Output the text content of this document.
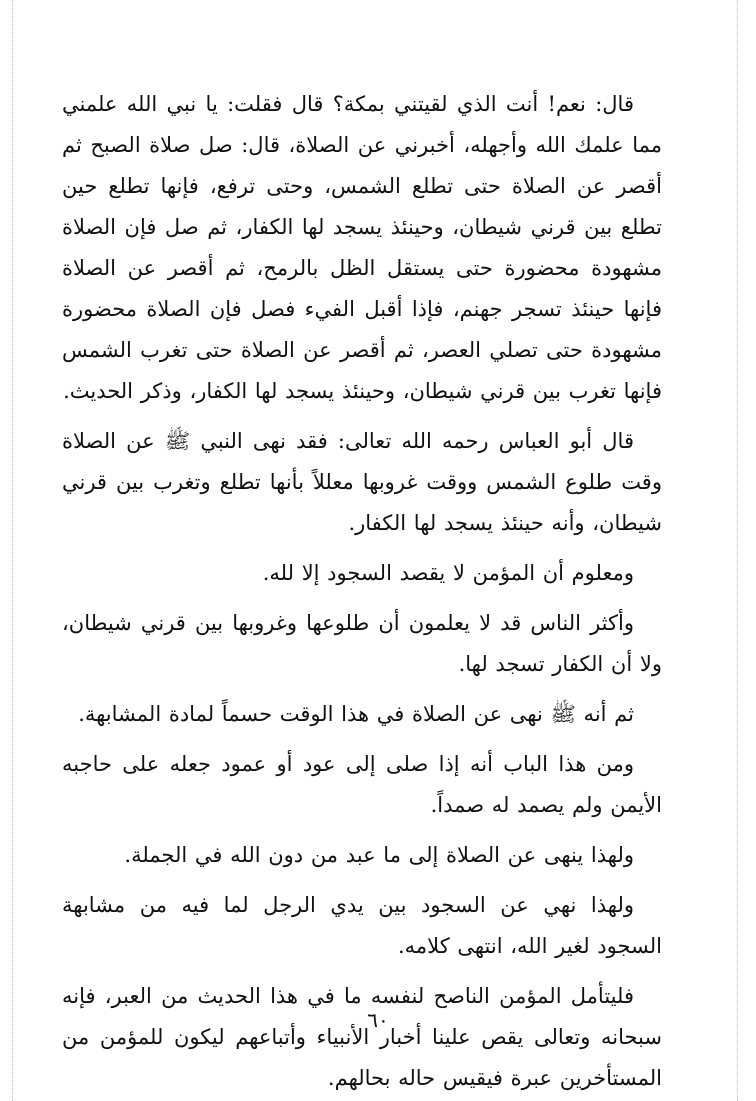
قال: نعم! أنت الذي لقيتني بمكة؟ قال فقلت: يا نبي الله علمني مما علمك الله وأجهله، أخبرني عن الصلاة، قال: صل صلاة الصبح ثم أقصر عن الصلاة حتى تطلع الشمس، وحتى ترفع، فإنها تطلع حين تطلع بين قرني شيطان، وحينئذ يسجد لها الكفار، ثم صل فإن الصلاة مشهودة محضورة حتى يستقل الظل بالرمح، ثم أقصر عن الصلاة فإنها حينئذ تسجر جهنم، فإذا أقبل الفيء فصل فإن الصلاة محضورة مشهودة حتى تصلي العصر، ثم أقصر عن الصلاة حتى تغرب الشمس فإنها تغرب بين قرني شيطان، وحينئذ يسجد لها الكفار، وذكر الحديث.

قال أبو العباس رحمه الله تعالى: فقد نهى النبي ﷺ عن الصلاة وقت طلوع الشمس ووقت غروبها معللاً بأنها تطلع وتغرب بين قرني شيطان، وأنه حينئذ يسجد لها الكفار.

ومعلوم أن المؤمن لا يقصد السجود إلا لله.

وأكثر الناس قد لا يعلمون أن طلوعها وغروبها بين قرني شيطان، ولا أن الكفار تسجد لها.

ثم أنه ﷺ نهى عن الصلاة في هذا الوقت حسماً لمادة المشابهة.

ومن هذا الباب أنه إذا صلى إلى عود أو عمود جعله على حاجبه الأيمن ولم يصمد له صمداً.

ولهذا ينهى عن الصلاة إلى ما عبد من دون الله في الجملة.

ولهذا نهي عن السجود بين يدي الرجل لما فيه من مشابهة السجود لغير الله، انتهى كلامه.

فليتأمل المؤمن الناصح لنفسه ما في هذا الحديث من العبر، فإنه سبحانه وتعالى يقص علينا أخبار الأنبياء وأتباعهم ليكون للمؤمن من المستأخرين عبرة فيقيس حاله بحالهم.

٦٠
